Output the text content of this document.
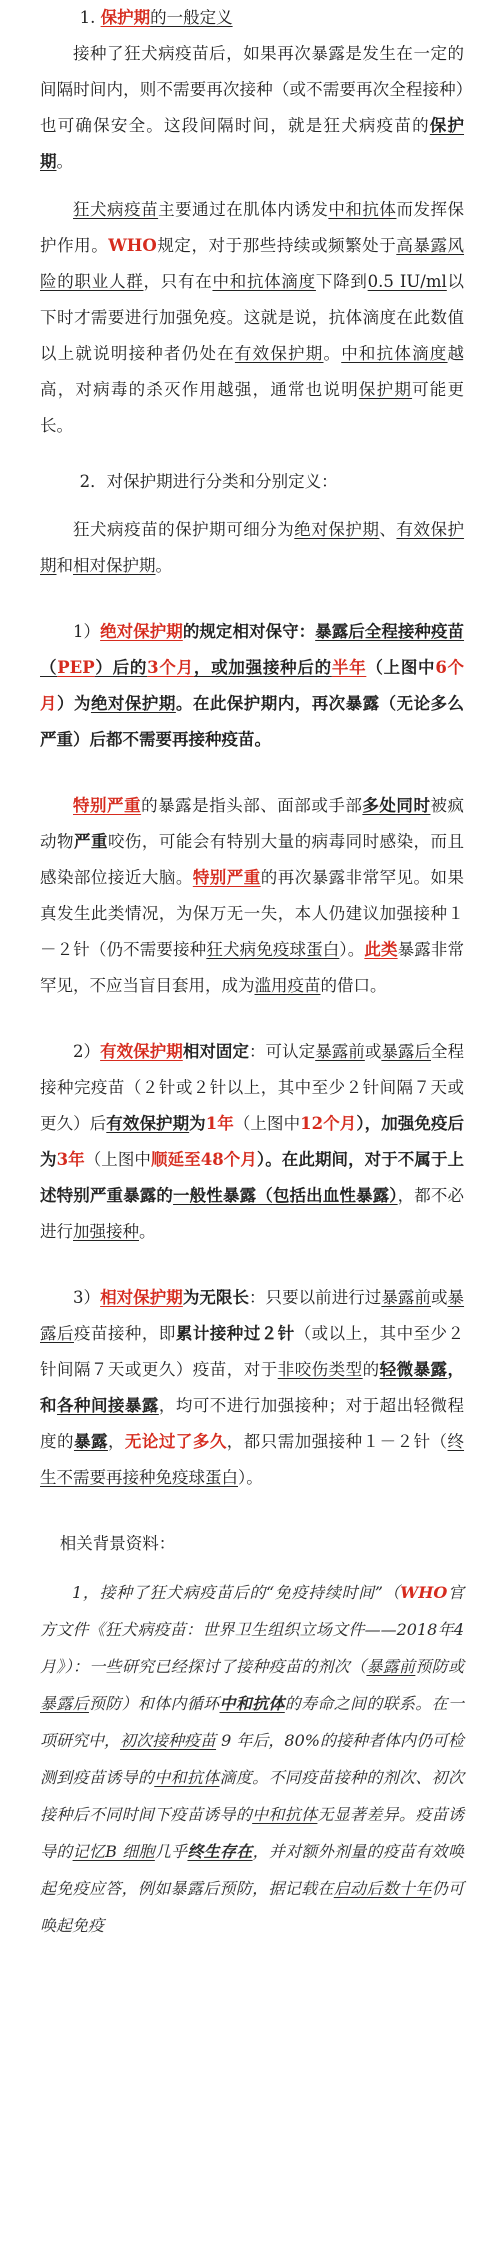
1. 保护期的一般定义

接种了狂犬病疫苗后，如果再次暴露是发生在一定的间隔时间内，则不需要再次接种（或不需要再次全程接种）也可确保安全。这段间隔时间，就是狂犬病疫苗的保护期。

狂犬病疫苗主要通过在肌体内诱发中和抗体而发挥保护作用。WHO规定，对于那些持续或频繁处于高暴露风险的职业人群，只有在中和抗体滴度下降到0.5 IU/ml以下时才需要进行加强免疫。这就是说，抗体滴度在此数值以上就说明接种者仍处在有效保护期。中和抗体滴度越高，对病毒的杀灭作用越强，通常也说明保护期可能更长。

2．对保护期进行分类和分别定义：

狂犬病疫苗的保护期可细分为绝对保护期、有效保护期和相对保护期。

1）绝对保护期的规定相对保守：暴露后全程接种疫苗（PEP）后的3个月，或加强接种后的半年（上图中6个月）为绝对保护期。在此保护期内，再次暴露（无论多么严重）后都不需要再接种疫苗。

特别严重的暴露是指头部、面部或手部多处同时被疯动物严重咬伤，可能会有特别大量的病毒同时感染，而且感染部位接近大脑。特别严重的再次暴露非常罕见。如果真发生此类情况，为保万无一失，本人仍建议加强接种１－２针（仍不需要接种狂犬病免疫球蛋白）。此类暴露非常罕见，不应当盲目套用，成为滥用疫苗的借口。

2）有效保护期相对固定：可认定暴露前或暴露后全程接种完疫苗（２针或２针以上，其中至少２针间隔７天或更久）后有效保护期为1年（上图中12个月），加强免疫后为3年（上图中顺延至48个月）。在此期间，对于不属于上述特别严重暴露的一般性暴露（包括出血性暴露），都不必进行加强接种。

3）相对保护期为无限长：只要以前进行过暴露前或暴露后疫苗接种，即累计接种过２针（或以上，其中至少２针间隔７天或更久）疫苗，对于非咬伤类型的轻微暴露，和各种间接暴露，均可不进行加强接种；对于超出轻微程度的暴露，无论过了多久，都只需加强接种１－２针（终生不需要再接种免疫球蛋白）。

相关背景资料：

1，接种了狂犬病疫苗后的“免疫持续时间”（WHO官方文件《狂犬病疫苗：世界卫生组织立场文件——2018年4月》）：一些研究已经探讨了接种疫苗的剂次（暴露前预防或暴露后预防）和体内循环中和抗体的寿命之间的联系。在一项研究中，初次接种疫苗 9 年后，80%的接种者体内仍可检测到疫苗诱导的中和抗体滴度。不同疫苗接种的剂次、初次接种后不同时间下疫苗诱导的中和抗体无显著差异。疫苗诱导的记忆B 细胞几乎终生存在，并对额外剂量的疫苗有效唤起免疫应答，例如暴露后预防，据记载在启动后数十年仍可唤起免疫
